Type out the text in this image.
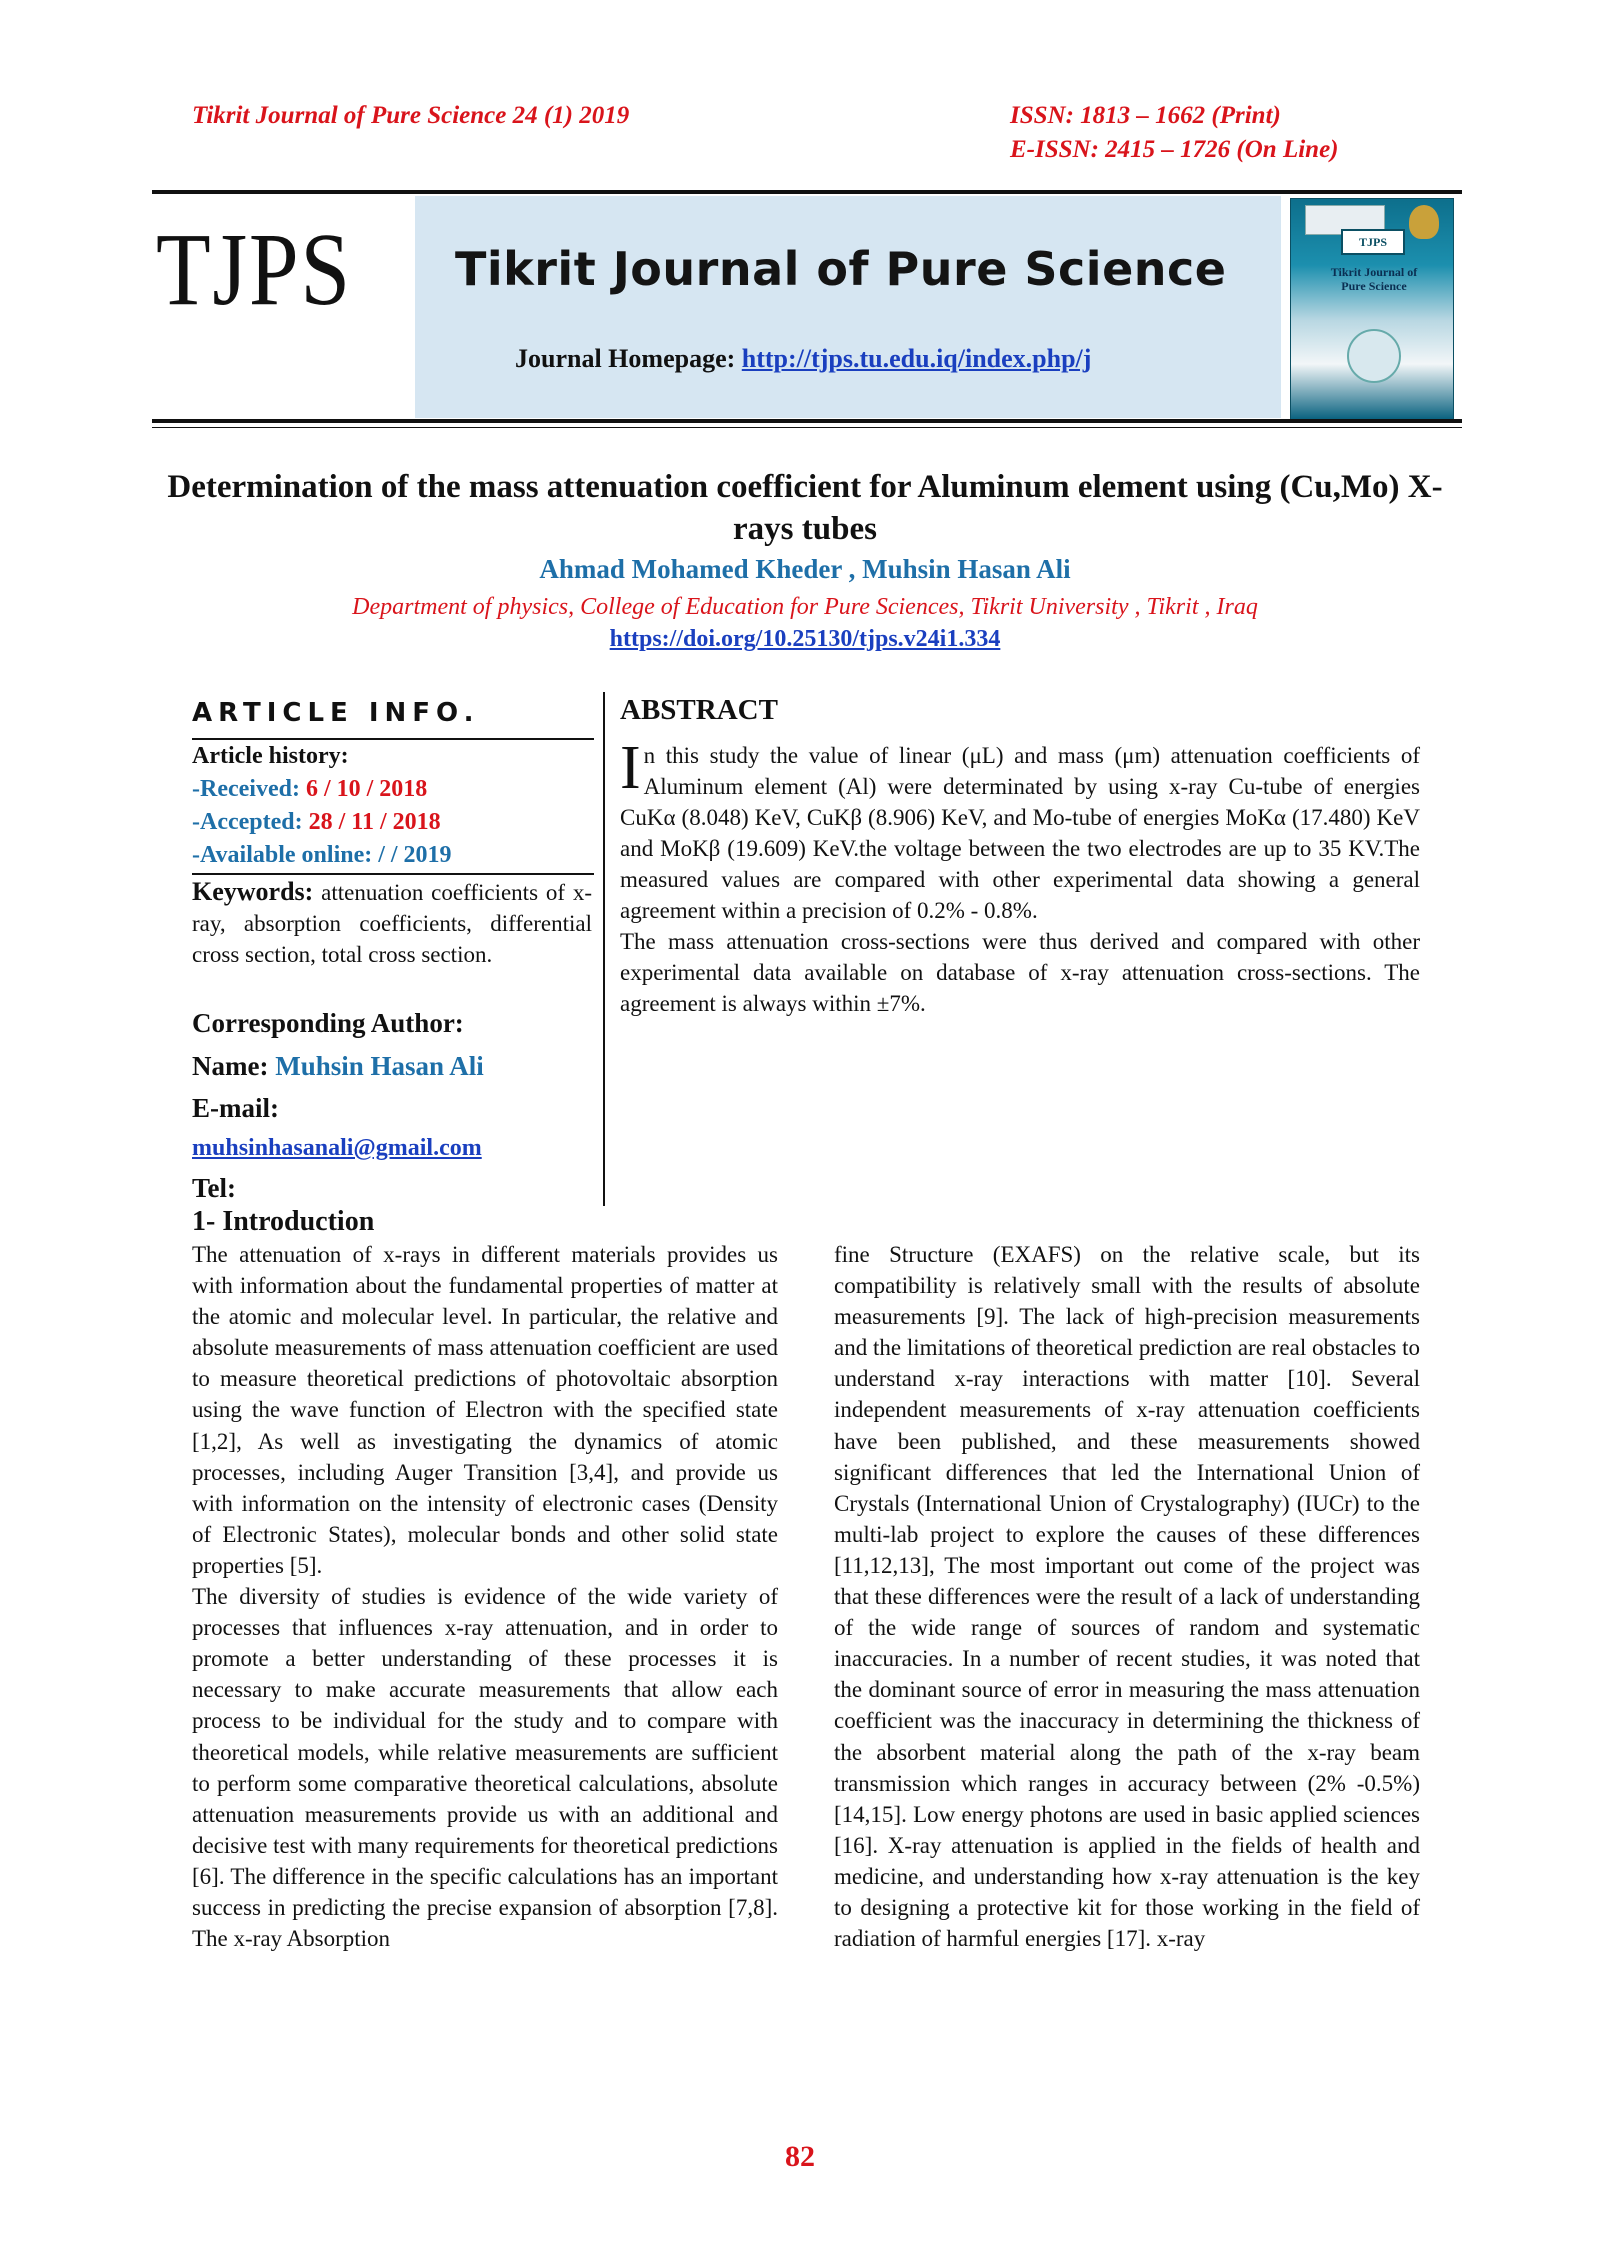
Tikrit Journal of Pure Science 24 (1) 2019	ISSN: 1813 – 1662 (Print)
E-ISSN: 2415 – 1726 (On Line)
TJPS Tikrit Journal of Pure Science
Journal Homepage: http://tjps.tu.edu.iq/index.php/j
TJPS
Tikrit Journal of Pure Science
Determination of the mass attenuation coefficient for Aluminum element using (Cu,Mo) X-rays tubes
Ahmad Mohamed Kheder , Muhsin Hasan Ali
Department of physics, College of Education for Pure Sciences, Tikrit University , Tikrit , Iraq
https://doi.org/10.25130/tjps.v24i1.334
ARTICLE INFO.
Article history:
-Received: 6 / 10 / 2018
-Accepted: 28 / 11 / 2018
-Available online: / / 2019
Keywords: attenuation coefficients of x-ray, absorption coefficients, differential cross section, total cross section.
Corresponding Author:
Name: Muhsin Hasan Ali
E-mail:
muhsinhasanali@gmail.com
Tel:
ABSTRACT

In this study the value of linear (μL) and mass (μm) attenuation coefficients of Aluminum element (Al) were determinated by using x-ray Cu-tube of energies CuKα (8.048) KeV, CuKβ (8.906) KeV, and Mo-tube of energies MoKα (17.480) KeV and MoKβ (19.609) KeV.the voltage between the two electrodes are up to 35 KV.The measured values are compared with other experimental data showing a general agreement within a precision of 0.2% - 0.8%.

The mass attenuation cross-sections were thus derived and compared with other experimental data available on database of x-ray attenuation cross-sections. The agreement is always within ±7%.

1- Introduction

The attenuation of x-rays in different materials provides us with information about the fundamental properties of matter at the atomic and molecular level. In particular, the relative and absolute measurements of mass attenuation coefficient are used to measure theoretical predictions of photovoltaic absorption using the wave function of Electron with the specified state [1,2], As well as investigating the dynamics of atomic processes, including Auger Transition [3,4], and provide us with information on the intensity of electronic cases (Density of Electronic States), molecular bonds and other solid state properties [5].

The diversity of studies is evidence of the wide variety of processes that influences x-ray attenuation, and in order to promote a better understanding of these processes it is necessary to make accurate measurements that allow each process to be individual for the study and to compare with theoretical models, while relative measurements are sufficient to perform some comparative theoretical calculations, absolute attenuation measurements provide us with an additional and decisive test with many requirements for theoretical predictions [6]. The difference in the specific calculations has an important success in predicting the precise expansion of absorption [7,8]. The x-ray Absorption

fine Structure (EXAFS) on the relative scale, but its compatibility is relatively small with the results of absolute measurements [9]. The lack of high-precision measurements and the limitations of theoretical prediction are real obstacles to understand x-ray interactions with matter [10]. Several independent measurements of x-ray attenuation coefficients have been published, and these measurements showed significant differences that led the International Union of Crystals (International Union of Crystalography) (IUCr) to the multi-lab project to explore the causes of these differences [11,12,13], The most important out come of the project was that these differences were the result of a lack of understanding of the wide range of sources of random and systematic inaccuracies. In a number of recent studies, it was noted that the dominant source of error in measuring the mass attenuation coefficient was the inaccuracy in determining the thickness of the absorbent material along the path of the x-ray beam transmission which ranges in accuracy between (2% -0.5%) [14,15]. Low energy photons are used in basic applied sciences [16]. X-ray attenuation is applied in the fields of health and medicine, and understanding how x-ray attenuation is the key to designing a protective kit for those working in the field of radiation of harmful energies [17]. x-ray

82
